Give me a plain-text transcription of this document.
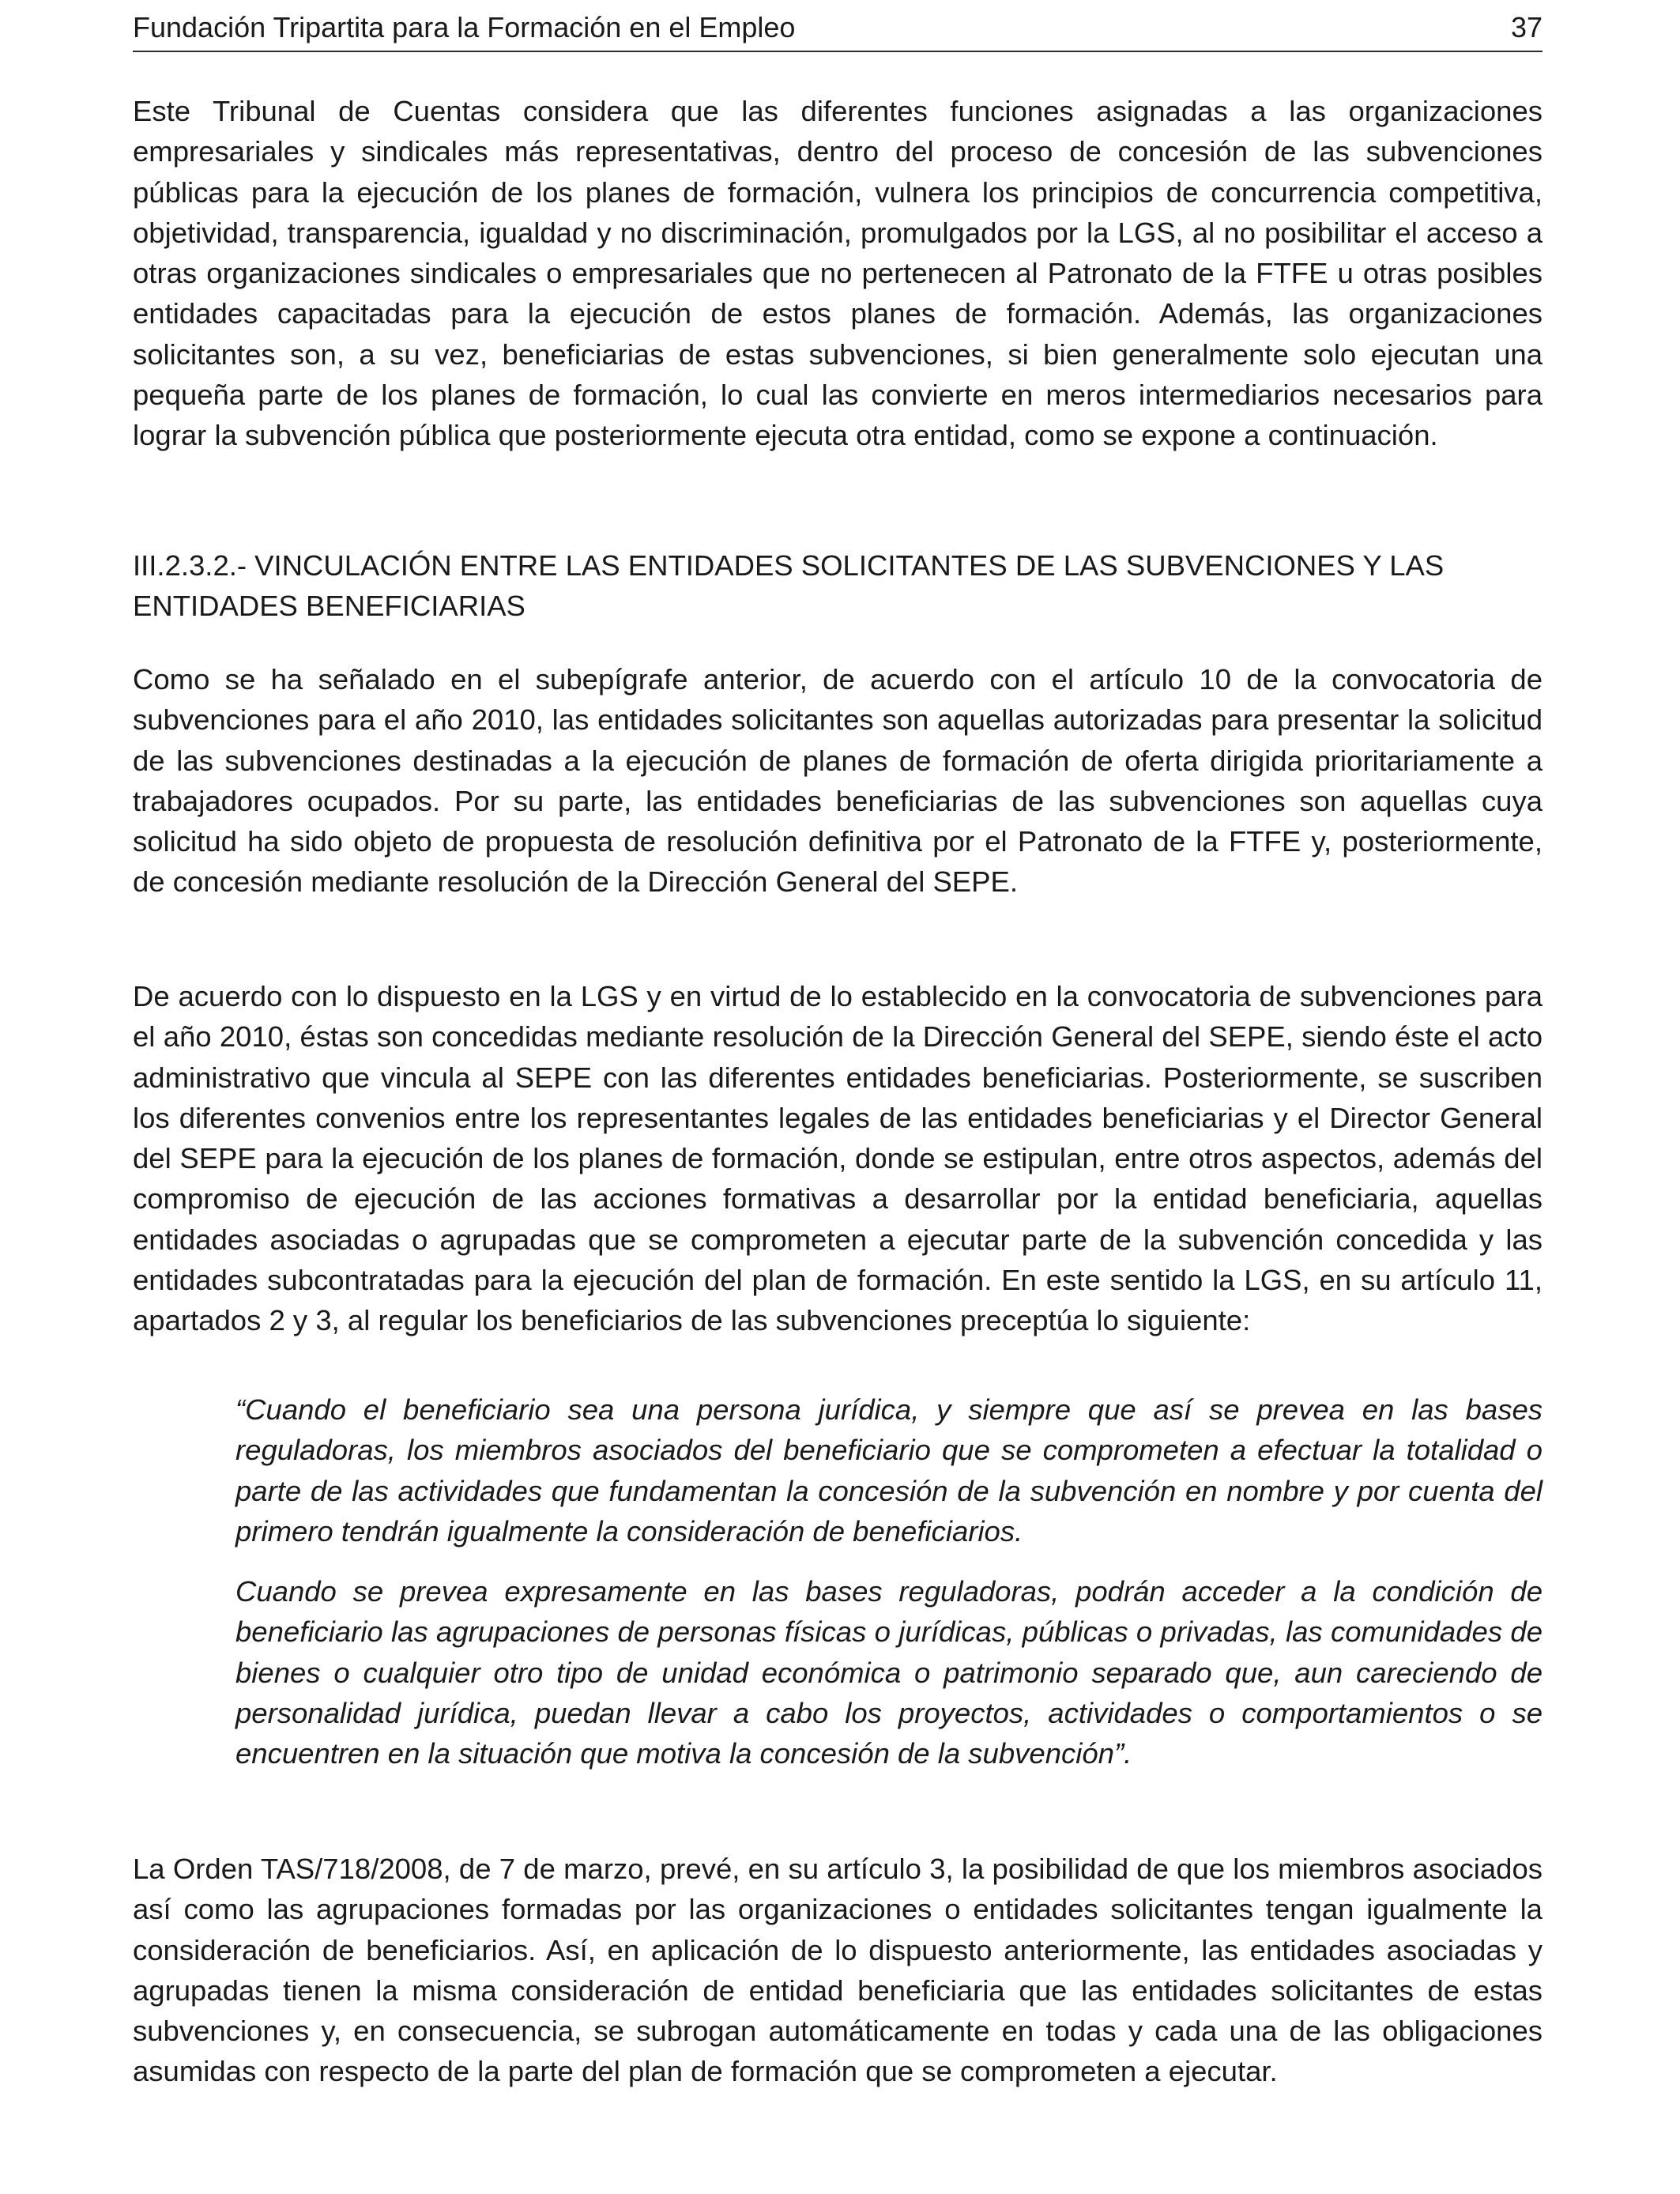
Fundación Tripartita para la Formación en el Empleo	37

Este Tribunal de Cuentas considera que las diferentes funciones asignadas a las organizaciones empresariales y sindicales más representativas, dentro del proceso de concesión de las subvenciones públicas para la ejecución de los planes de formación, vulnera los principios de concurrencia competitiva, objetividad, transparencia, igualdad y no discriminación, promulgados por la LGS, al no posibilitar el acceso a otras organizaciones sindicales o empresariales que no pertenecen al Patronato de la FTFE u otras posibles entidades capacitadas para la ejecución de estos planes de formación. Además, las organizaciones solicitantes son, a su vez, beneficiarias de estas subvenciones, si bien generalmente solo ejecutan una pequeña parte de los planes de formación, lo cual las convierte en meros intermediarios necesarios para lograr la subvención pública que posteriormente ejecuta otra entidad, como se expone a continuación.

III.2.3.2.- VINCULACIÓN ENTRE LAS ENTIDADES SOLICITANTES DE LAS SUBVENCIONES Y LAS ENTIDADES BENEFICIARIAS

Como se ha señalado en el subepígrafe anterior, de acuerdo con el artículo 10 de la convocatoria de subvenciones para el año 2010, las entidades solicitantes son aquellas autorizadas para presentar la solicitud de las subvenciones destinadas a la ejecución de planes de formación de oferta dirigida prioritariamente a trabajadores ocupados. Por su parte, las entidades beneficiarias de las subvenciones son aquellas cuya solicitud ha sido objeto de propuesta de resolución definitiva por el Patronato de la FTFE y, posteriormente, de concesión mediante resolución de la Dirección General del SEPE.

De acuerdo con lo dispuesto en la LGS y en virtud de lo establecido en la convocatoria de subvenciones para el año 2010, éstas son concedidas mediante resolución de la Dirección General del SEPE, siendo éste el acto administrativo que vincula al SEPE con las diferentes entidades beneficiarias. Posteriormente, se suscriben los diferentes convenios entre los representantes legales de las entidades beneficiarias y el Director General del SEPE para la ejecución de los planes de formación, donde se estipulan, entre otros aspectos, además del compromiso de ejecución de las acciones formativas a desarrollar por la entidad beneficiaria, aquellas entidades asociadas o agrupadas que se comprometen a ejecutar parte de la subvención concedida y las entidades subcontratadas para la ejecución del plan de formación. En este sentido la LGS, en su artículo 11, apartados 2 y 3, al regular los beneficiarios de las subvenciones preceptúa lo siguiente:

“Cuando el beneficiario sea una persona jurídica, y siempre que así se prevea en las bases reguladoras, los miembros asociados del beneficiario que se comprometen a efectuar la totalidad o parte de las actividades que fundamentan la concesión de la subvención en nombre y por cuenta del primero tendrán igualmente la consideración de beneficiarios.

Cuando se prevea expresamente en las bases reguladoras, podrán acceder a la condición de beneficiario las agrupaciones de personas físicas o jurídicas, públicas o privadas, las comunidades de bienes o cualquier otro tipo de unidad económica o patrimonio separado que, aun careciendo de personalidad jurídica, puedan llevar a cabo los proyectos, actividades o comportamientos o se encuentren en la situación que motiva la concesión de la subvención”.

La Orden TAS/718/2008, de 7 de marzo, prevé, en su artículo 3, la posibilidad de que los miembros asociados así como las agrupaciones formadas por las organizaciones o entidades solicitantes tengan igualmente la consideración de beneficiarios. Así, en aplicación de lo dispuesto anteriormente, las entidades asociadas y agrupadas tienen la misma consideración de entidad beneficiaria que las entidades solicitantes de estas subvenciones y, en consecuencia, se subrogan automáticamente en todas y cada una de las obligaciones asumidas con respecto de la parte del plan de formación que se comprometen a ejecutar.
